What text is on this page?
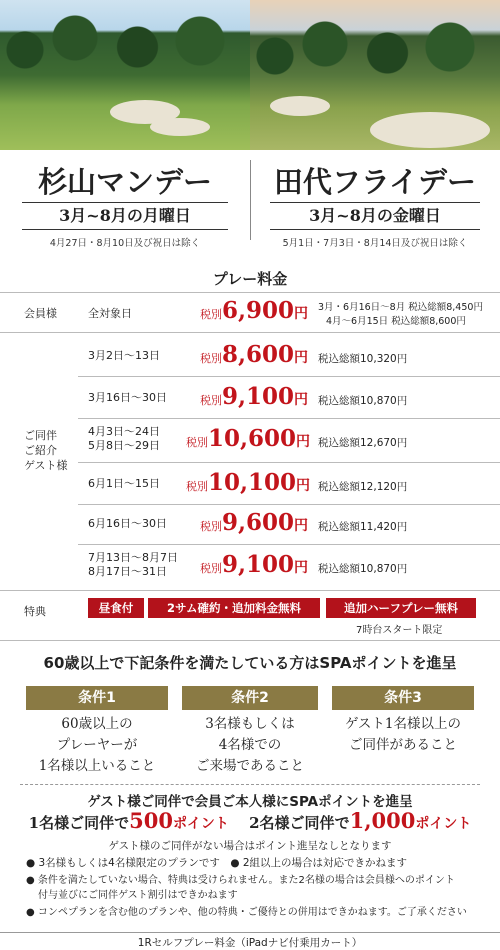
杉山マンデー	田代フライデー
3月~8月の月曜日	3月~8月の金曜日
4月27日・8月10日及び祝日は除く	5月1日・7月3日・8月14日及び祝日は除く
プレー料金
会員様	全対象日	税別6,900円 3月・6月16日～8月 税込総額8,450円
4月～6月15日 税込総額8,600円
ご同伴
ご紹介
ゲスト様
3月2日～13日	税別8,600円 税込総額10,320円
3月16日～30日	税別9,100円 税込総額10,870円
4月3日～24日
5月8日～29日 税別10,600円 税込総額12,670円
6月1日～15日 税別10,100円 税込総額12,120円
6月16日～30日	税別9,600円 税込総額11,420円
7月13日～8月7日
8月17日～31日	税別9,100円 税込総額10,870円
特典	昼食付	2サム確約・追加料金無料	追加ハーフプレー無料
7時台スタート限定
60歳以上で下記条件を満たしている方はSPAポイントを進呈
条件1	条件2	条件3
60歳以上の
プレーヤーが
1名様以上いること
3名様もしくは
4名様での
ご来場であること
ゲスト1名様以上の
ご同伴があること
ゲスト様ご同伴で会員ご本人様にSPAポイントを進呈
1名様ご同伴で500ポイント 2名様ご同伴で1,000ポイント
ゲスト様のご同伴がない場合はポイント進呈なしとなります
● 3名様もしくは4名様限定のプランです　● 2組以上の場合は対応できかねます
● 条件を満たしていない場合、特典は受けられません。また2名様の場合は会員様へのポイント
付与並びにご同伴ゲスト割引はできかねます
● コンペプランを含む他のプランや、他の特典・ご優待との併用はできかねます。ご了承ください
1Rセルフプレー料金（iPadナビ付乗用カート）
